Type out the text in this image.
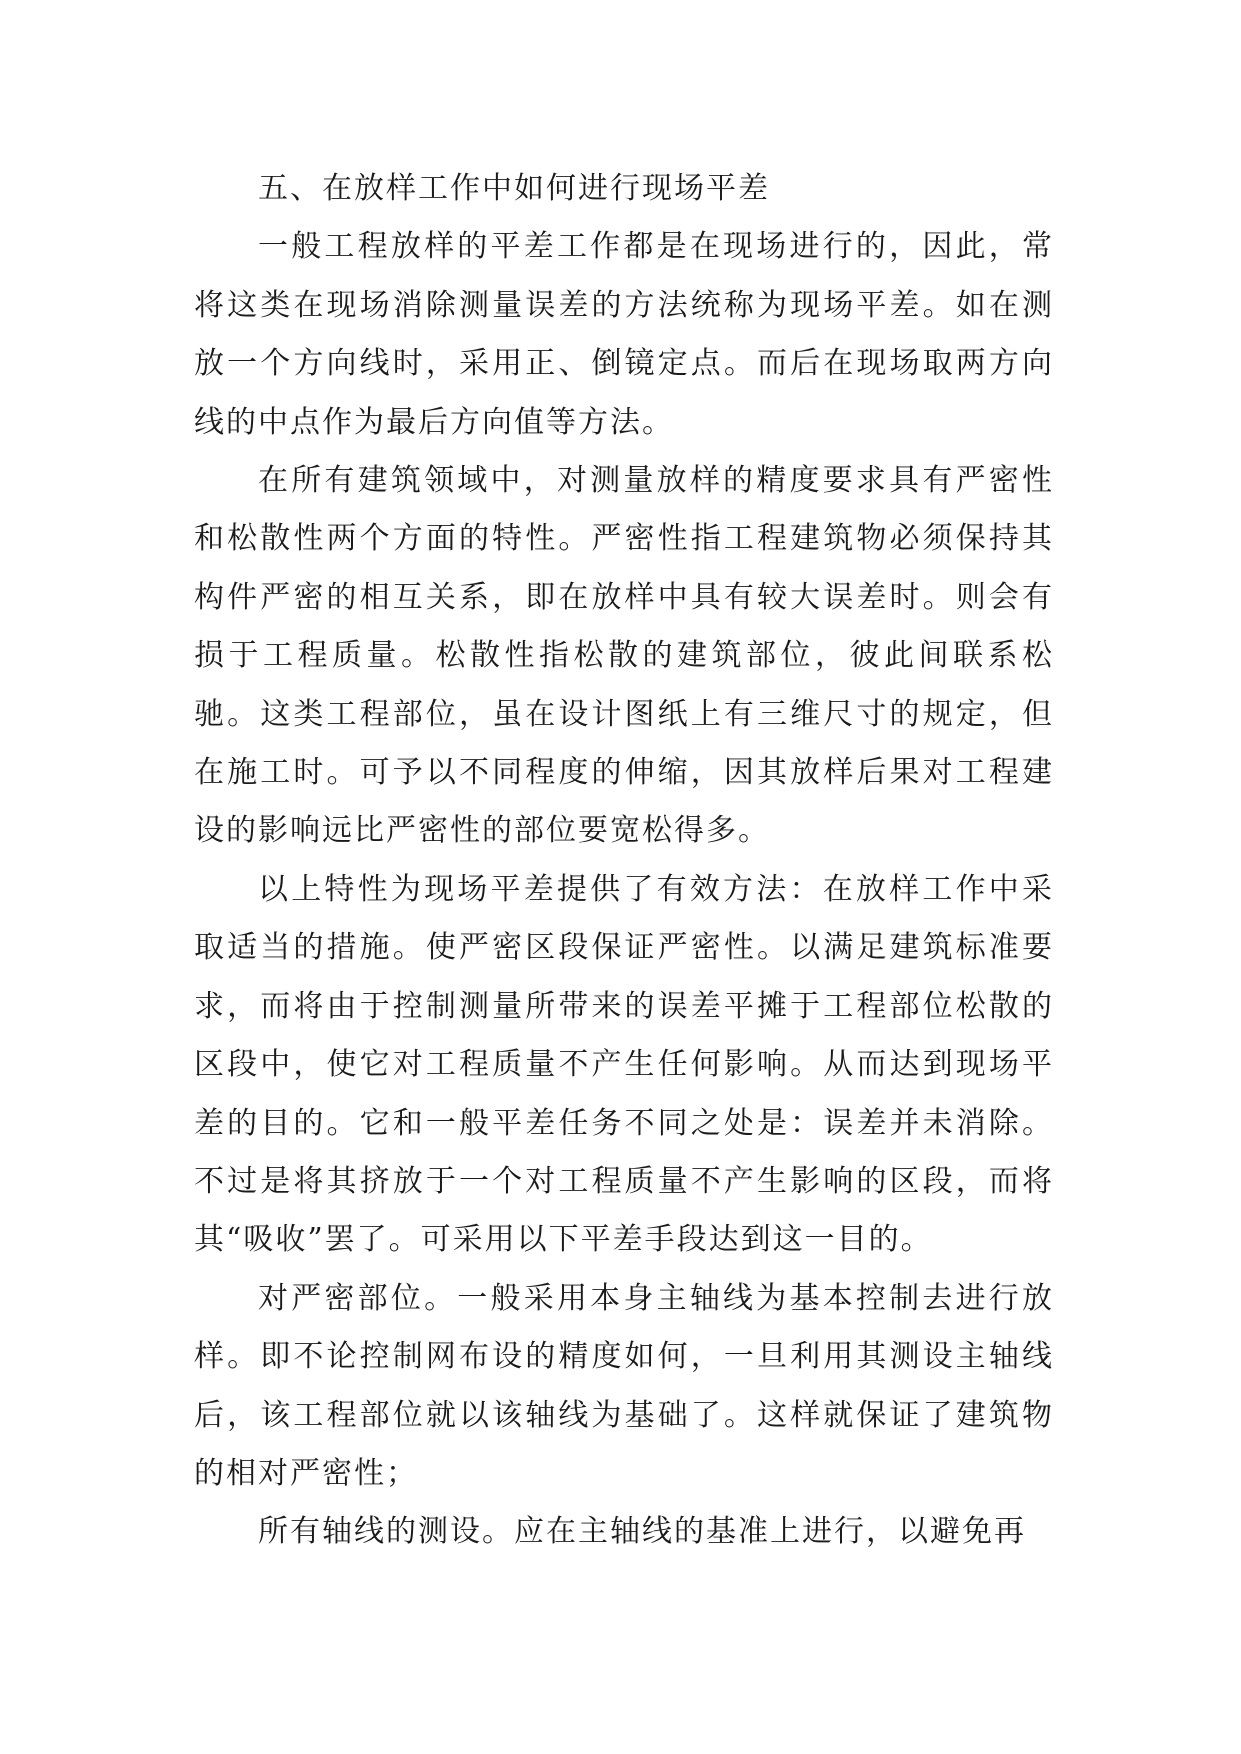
五、在放样工作中如何进行现场平差

一般工程放样的平差工作都是在现场进行的，因此，常将这类在现场消除测量误差的方法统称为现场平差。如在测放一个方向线时，采用正、倒镜定点。而后在现场取两方向线的中点作为最后方向值等方法。

在所有建筑领域中，对测量放样的精度要求具有严密性和松散性两个方面的特性。严密性指工程建筑物必须保持其构件严密的相互关系，即在放样中具有较大误差时。则会有损于工程质量。松散性指松散的建筑部位，彼此间联系松驰。这类工程部位，虽在设计图纸上有三维尺寸的规定，但在施工时。可予以不同程度的伸缩，因其放样后果对工程建设的影响远比严密性的部位要宽松得多。

以上特性为现场平差提供了有效方法：在放样工作中采取适当的措施。使严密区段保证严密性。以满足建筑标准要求，而将由于控制测量所带来的误差平摊于工程部位松散的区段中，使它对工程质量不产生任何影响。从而达到现场平差的目的。它和一般平差任务不同之处是：误差并未消除。不过是将其挤放于一个对工程质量不产生影响的区段，而将其“吸收”罢了。可采用以下平差手段达到这一目的。

对严密部位。一般采用本身主轴线为基本控制去进行放样。即不论控制网布设的精度如何，一旦利用其测设主轴线后，该工程部位就以该轴线为基础了。这样就保证了建筑物的相对严密性；

所有轴线的测设。应在主轴线的基准上进行，以避免再
